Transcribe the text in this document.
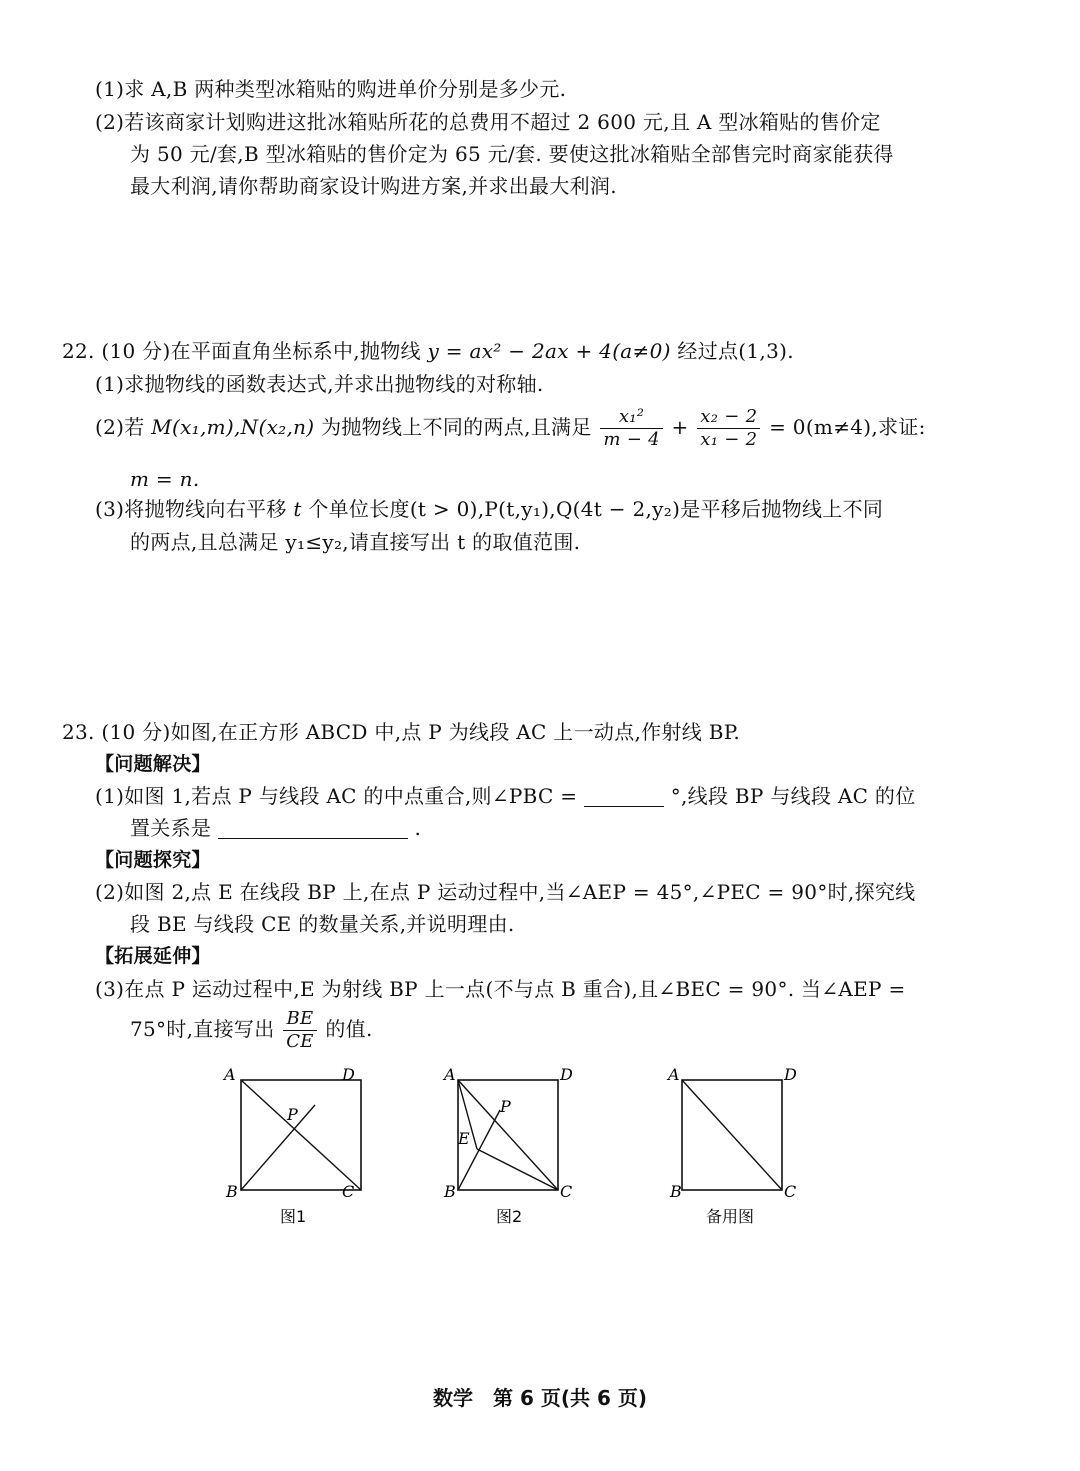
(1)求 A,B 两种类型冰箱贴的购进单价分别是多少元.
(2)若该商家计划购进这批冰箱贴所花的总费用不超过 2 600 元,且 A 型冰箱贴的售价定
为 50 元/套,B 型冰箱贴的售价定为 65 元/套. 要使这批冰箱贴全部售完时商家能获得
最大利润,请你帮助商家设计购进方案,并求出最大利润.
22. (10 分)在平面直角坐标系中,抛物线 y = ax² − 2ax + 4(a≠0) 经过点(1,3).
(1)求抛物线的函数表达式,并求出抛物线的对称轴.
(2)若 M(x₁,m),N(x₂,n) 为抛物线上不同的两点,且满足 $\frac{\text{x₁²}}{m - 4} + \frac{\text{x₂ − 2}}{\text{x₁ − 2}} = 0(m\ne 4)$,求证:
m = n.
(3)将抛物线向右平移 t 个单位长度(t > 0),P(t,y₁),Q(4t − 2,y₂)是平移后抛物线上不同
的两点,且总满足 y₁≤y₂,请直接写出 t 的取值范围.
23. (10 分)如图,在正方形 ABCD 中,点 P 为线段 AC 上一动点,作射线 BP.
【问题解决】
(1)如图 1,若点 P 与线段 AC 的中点重合,则∠PBC =	°,线段 BP 与线段 AC 的位
置关系是	.
【问题探究】
(2)如图 2,点 E 在线段 BP 上,在点 P 运动过程中,当∠AEP = 45°,∠PEC = 90°时,探究线
段 BE 与线段 CE 的数量关系,并说明理由.
【拓展延伸】
(3)在点 P 运动过程中,E 为射线 BP 上一点(不与点 B 重合),且∠BEC = 90°. 当∠AEP =
75°时,直接写出 $\frac{BE}{CE}$ 的值.
A	D
B	C
P
图1
A	D
B	C
P
E
图2
A	D
B	C
备用图
数学　第 6 页(共 6 页)
